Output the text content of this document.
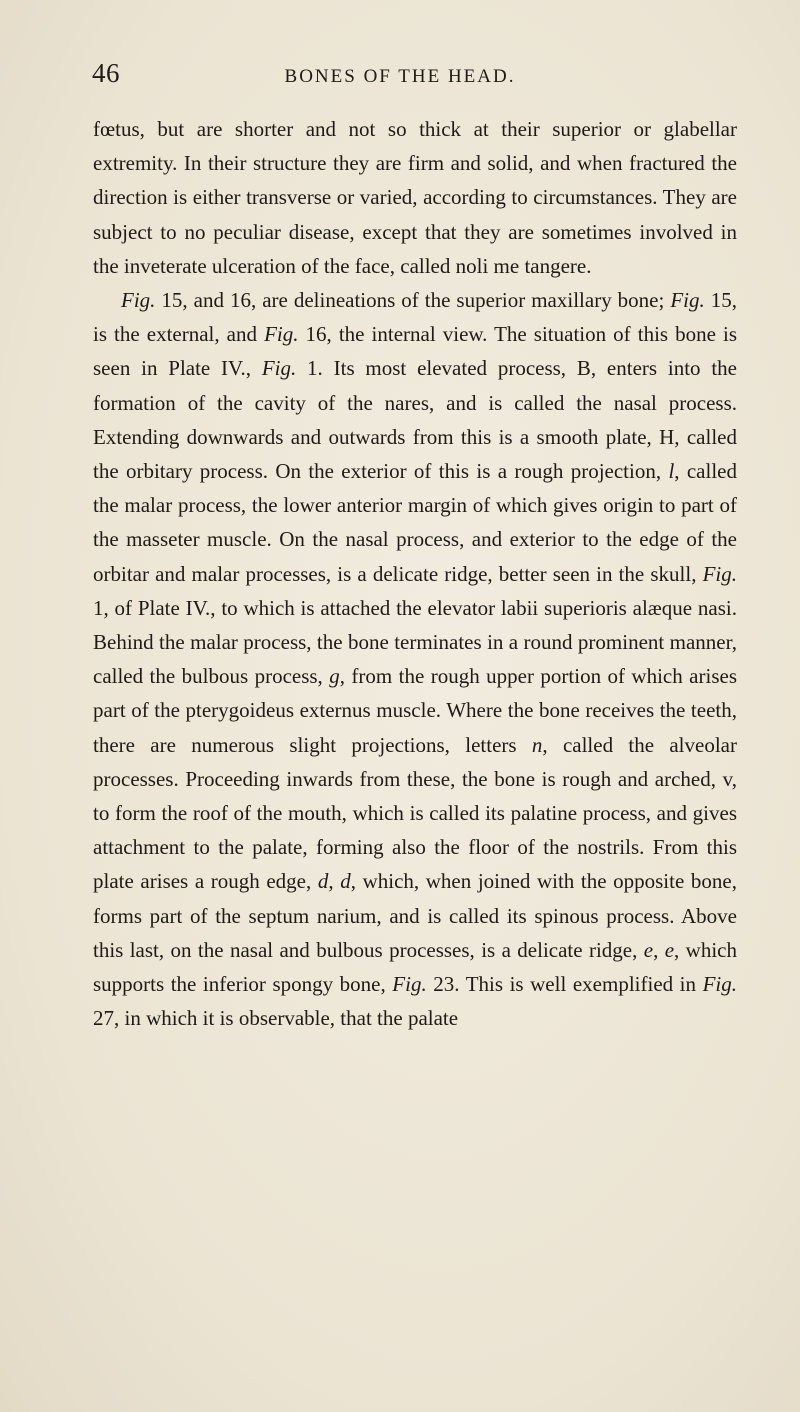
46	BONES OF THE HEAD.

fœtus, but are shorter and not so thick at their superior or glabellar extremity. In their structure they are firm and solid, and when fractured the direction is either transverse or varied, according to circumstances. They are subject to no peculiar disease, except that they are sometimes involved in the inveterate ulceration of the face, called noli me tangere.

Fig. 15, and 16, are delineations of the superior maxillary bone; Fig. 15, is the external, and Fig. 16, the internal view. The situation of this bone is seen in Plate IV., Fig. 1. Its most elevated process, B, enters into the formation of the cavity of the nares, and is called the nasal process. Extending downwards and outwards from this is a smooth plate, H, called the orbitary process. On the exterior of this is a rough projection, l, called the malar process, the lower anterior margin of which gives origin to part of the masseter muscle. On the nasal process, and exterior to the edge of the orbitar and malar processes, is a delicate ridge, better seen in the skull, Fig. 1, of Plate IV., to which is attached the elevator labii superioris alæque nasi. Behind the malar process, the bone terminates in a round prominent manner, called the bulbous process, g, from the rough upper portion of which arises part of the pterygoideus externus muscle. Where the bone receives the teeth, there are numerous slight projections, letters n, called the alveolar processes. Proceeding inwards from these, the bone is rough and arched, v, to form the roof of the mouth, which is called its palatine process, and gives attachment to the palate, forming also the floor of the nostrils. From this plate arises a rough edge, d, d, which, when joined with the opposite bone, forms part of the septum narium, and is called its spinous process. Above this last, on the nasal and bulbous processes, is a delicate ridge, e, e, which supports the inferior spongy bone, Fig. 23. This is well exemplified in Fig. 27, in which it is observable, that the palate
